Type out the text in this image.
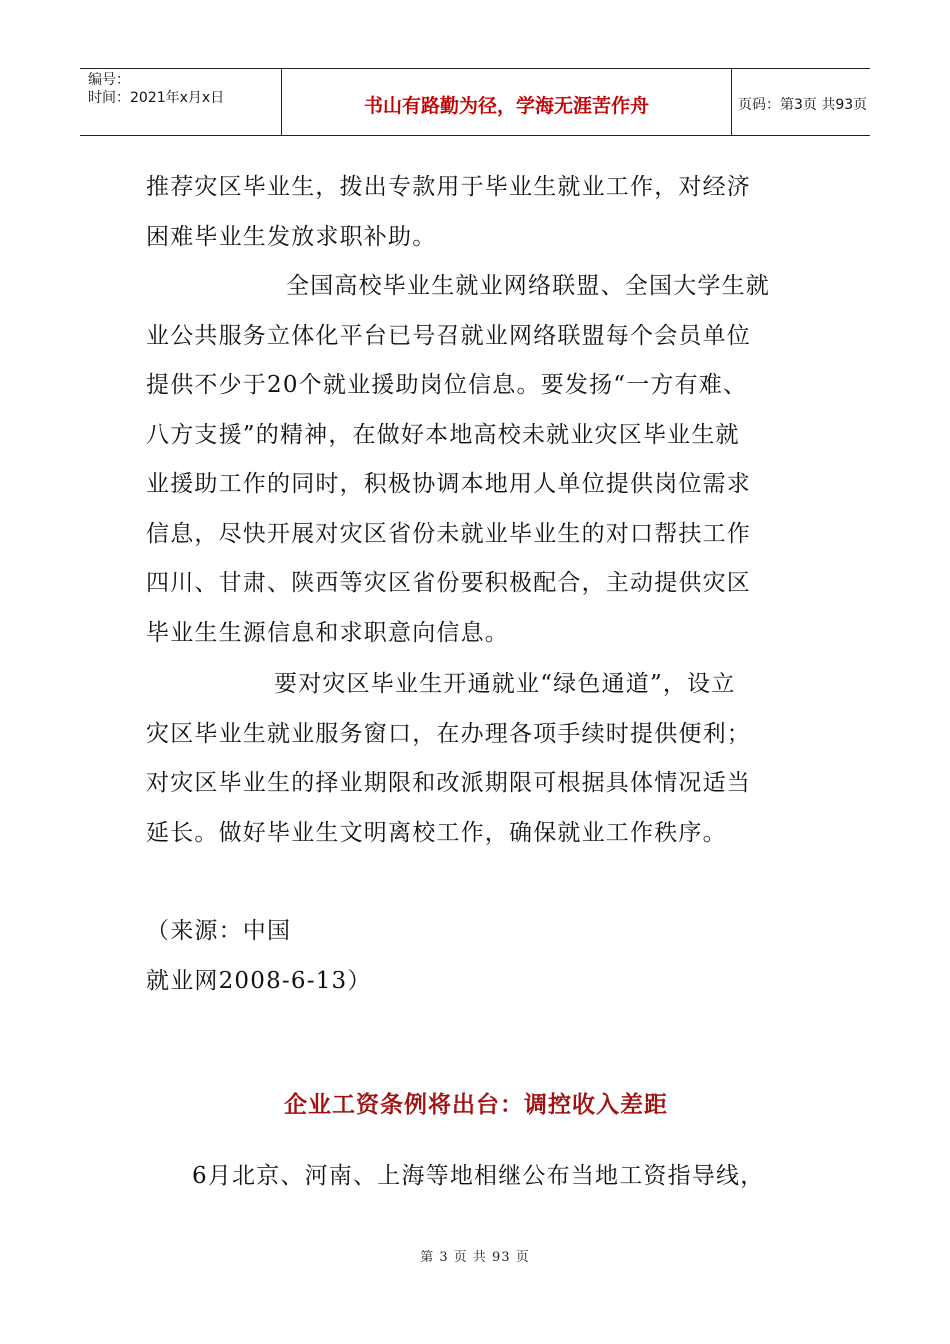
编号：
时间：2021年x月x日	书山有路勤为径，学海无涯苦作舟	页码：第3页 共93页

推荐灾区毕业生，拨出专款用于毕业生就业工作，对经济
困难毕业生发放求职补助。

全国高校毕业生就业网络联盟、全国大学生就
业公共服务立体化平台已号召就业网络联盟每个会员单位
提供不少于20个就业援助岗位信息。要发扬“一方有难、
八方支援”的精神，在做好本地高校未就业灾区毕业生就
业援助工作的同时，积极协调本地用人单位提供岗位需求
信息，尽快开展对灾区省份未就业毕业生的对口帮扶工作
四川、甘肃、陕西等灾区省份要积极配合，主动提供灾区
毕业生生源信息和求职意向信息。

要对灾区毕业生开通就业“绿色通道”，设立
灾区毕业生就业服务窗口，在办理各项手续时提供便利；
对灾区毕业生的择业期限和改派期限可根据具体情况适当
延长。做好毕业生文明离校工作，确保就业工作秩序。

（来源：中国
就业网2008-6-13）

企业工资条例将出台：调控收入差距

6月北京、河南、上海等地相继公布当地工资指导线，

第 3 页 共 93 页
